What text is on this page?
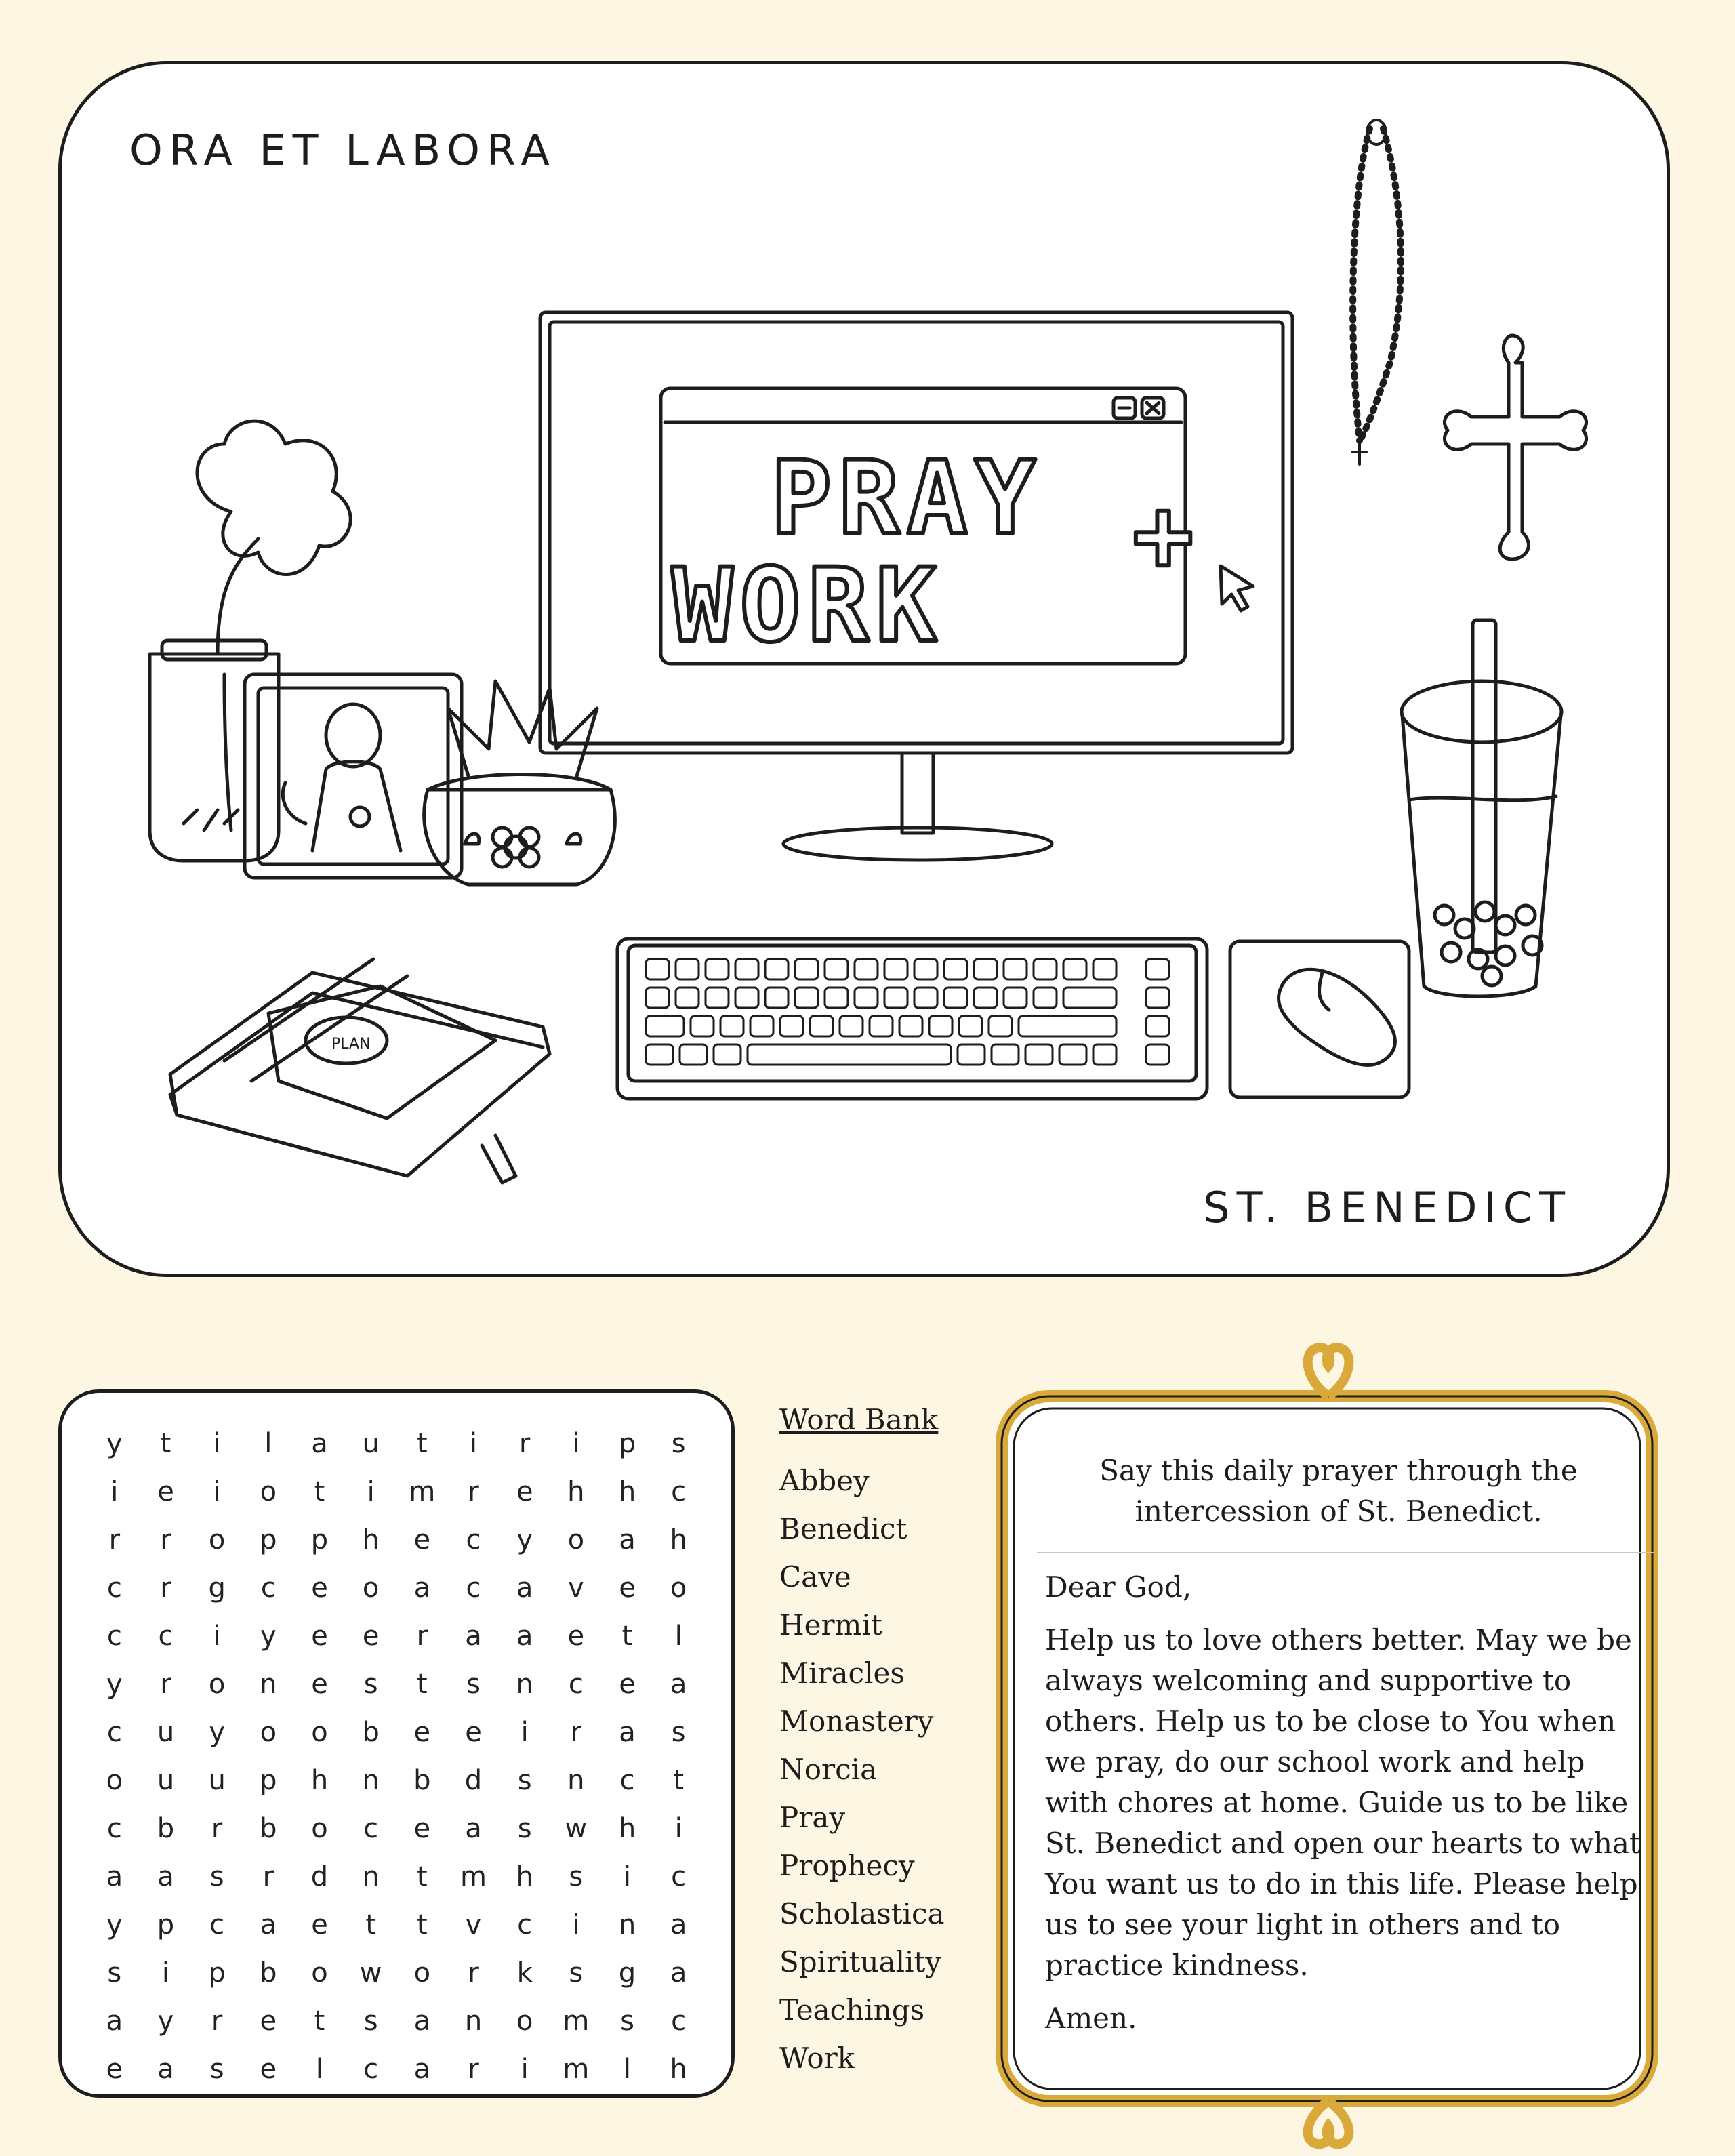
ORA ET LABORA
ST. BENEDICT
PRAY +
WORK
PLAN
y	t	i	l	a	u	t	i	r	i	p	s
i	e	i	o	t	i	m	r	e	h	h	c
r	r	o	p	p	h	e	c	y	o	a	h
c	r	g	c	e	o	a	c	a	v	e	o
c	c	i	y	e	e	r	a	a	e	t	l
y	r	o	n	e	s	t	s	n	c	e	a
c	u	y	o	o	b	e	e	i	r	a	s
o	u	u	p	h	n	b	d	s	n	c	t
c	b	r	b	o	c	e	a	s	w	h	i
a	a	s	r	d	n	t	m	h	s	i	c
y	p	c	a	e	t	t	v	c	i	n	a
s	i	p	b	o	w	o	r	k	s	g	a
a	y	r	e	t	s	a	n	o	m	s	c
e	a	s	e	l	c	a	r	i	m	l	h

Word Bank

Abbey
Benedict
Cave
Hermit
Miracles
Monastery
Norcia
Pray
Prophecy
Scholastica
Spirituality
Teachings
Work

Say this daily prayer through the intercession of St. Benedict.

Dear God,

Help us to love others better. May we be always welcoming and supportive to others. Help us to be close to You when we pray, do our school work and help with chores at home. Guide us to be like St. Benedict and open our hearts to what You want us to do in this life. Please help us to see your light in others and to practice kindness.

Amen.
